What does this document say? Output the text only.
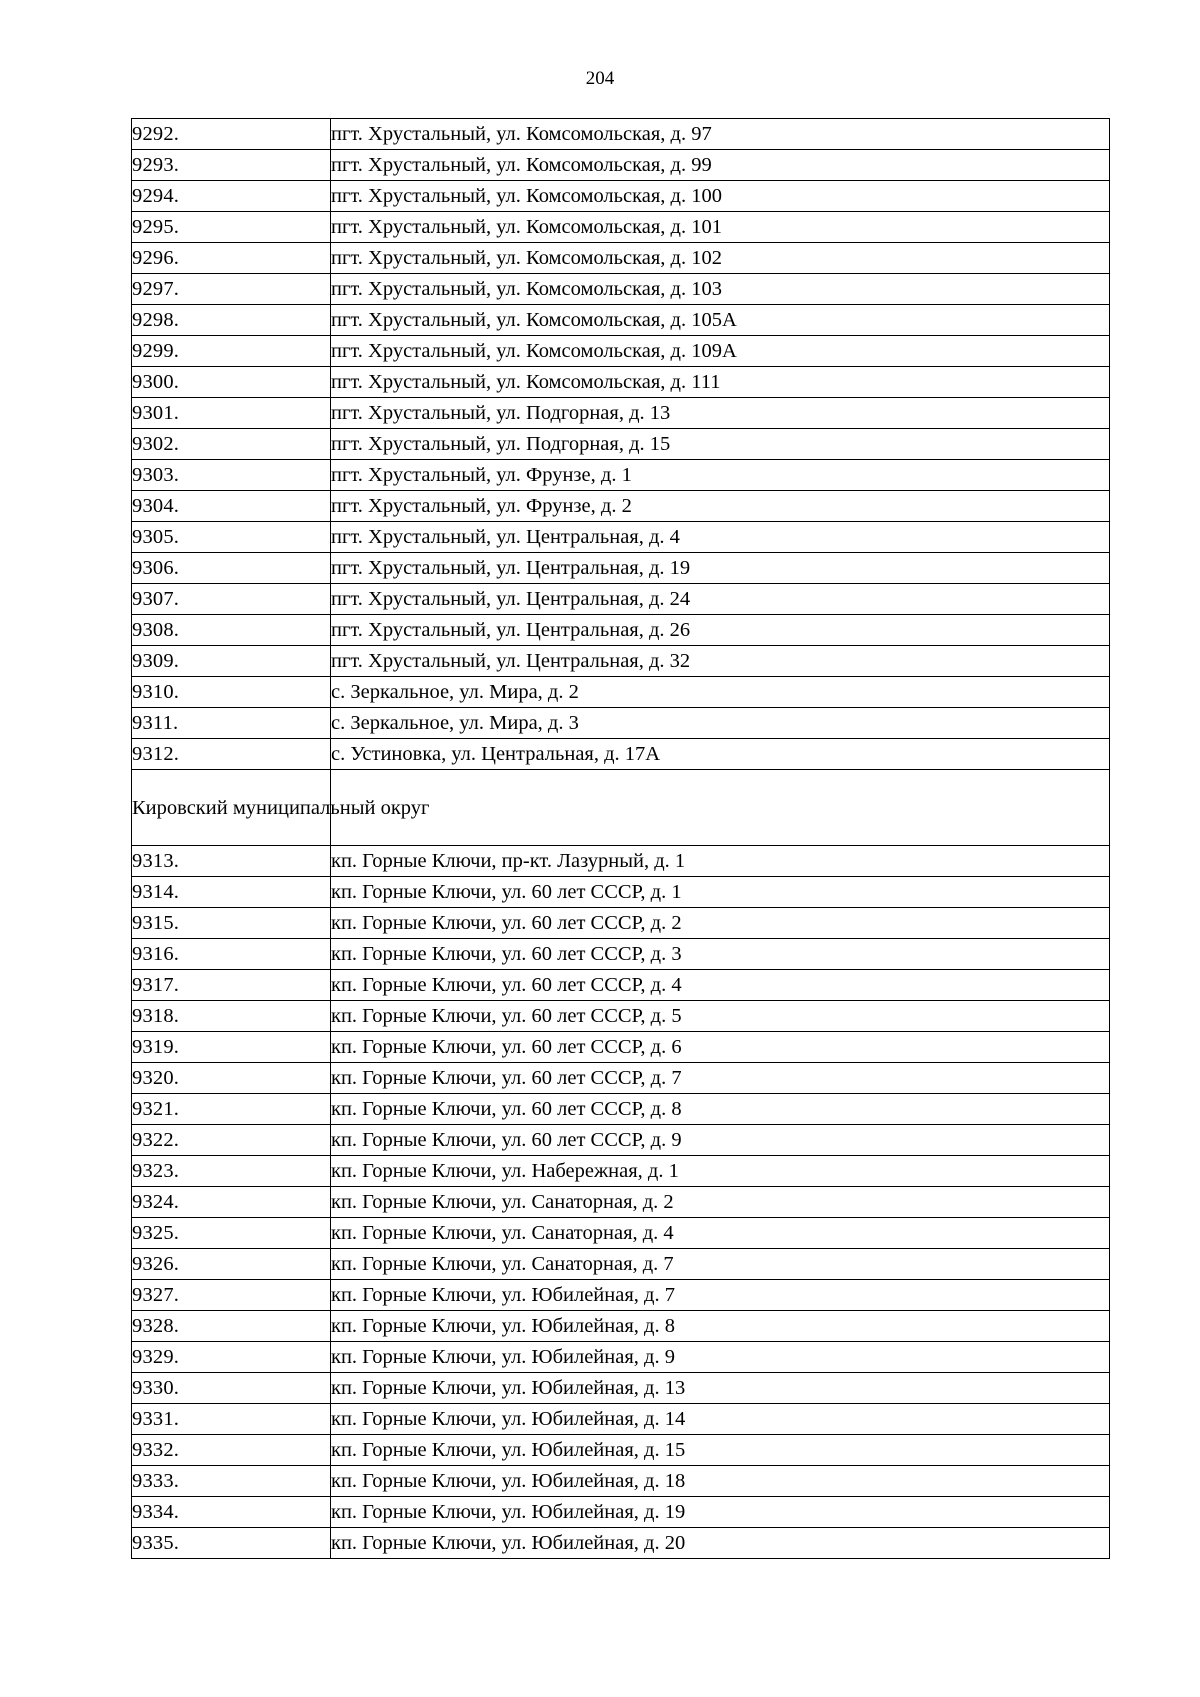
204
9292.	пгт. Хрустальный, ул. Комсомольская, д. 97
9293.	пгт. Хрустальный, ул. Комсомольская, д. 99
9294.	пгт. Хрустальный, ул. Комсомольская, д. 100
9295.	пгт. Хрустальный, ул. Комсомольская, д. 101
9296.	пгт. Хрустальный, ул. Комсомольская, д. 102
9297.	пгт. Хрустальный, ул. Комсомольская, д. 103
9298.	пгт. Хрустальный, ул. Комсомольская, д. 105А
9299.	пгт. Хрустальный, ул. Комсомольская, д. 109А
9300.	пгт. Хрустальный, ул. Комсомольская, д. 111
9301.	пгт. Хрустальный, ул. Подгорная, д. 13
9302.	пгт. Хрустальный, ул. Подгорная, д. 15
9303.	пгт. Хрустальный, ул. Фрунзе, д. 1
9304.	пгт. Хрустальный, ул. Фрунзе, д. 2
9305.	пгт. Хрустальный, ул. Центральная, д. 4
9306.	пгт. Хрустальный, ул. Центральная, д. 19
9307.	пгт. Хрустальный, ул. Центральная, д. 24
9308.	пгт. Хрустальный, ул. Центральная, д. 26
9309.	пгт. Хрустальный, ул. Центральная, д. 32
9310.	с. Зеркальное, ул. Мира, д. 2
9311.	с. Зеркальное, ул. Мира, д. 3
9312.	с. Устиновка, ул. Центральная, д. 17А
Кировский муниципальный округ	
9313.	кп. Горные Ключи, пр-кт. Лазурный, д. 1
9314.	кп. Горные Ключи, ул. 60 лет СССР, д. 1
9315.	кп. Горные Ключи, ул. 60 лет СССР, д. 2
9316.	кп. Горные Ключи, ул. 60 лет СССР, д. 3
9317.	кп. Горные Ключи, ул. 60 лет СССР, д. 4
9318.	кп. Горные Ключи, ул. 60 лет СССР, д. 5
9319.	кп. Горные Ключи, ул. 60 лет СССР, д. 6
9320.	кп. Горные Ключи, ул. 60 лет СССР, д. 7
9321.	кп. Горные Ключи, ул. 60 лет СССР, д. 8
9322.	кп. Горные Ключи, ул. 60 лет СССР, д. 9
9323.	кп. Горные Ключи, ул. Набережная, д. 1
9324.	кп. Горные Ключи, ул. Санаторная, д. 2
9325.	кп. Горные Ключи, ул. Санаторная, д. 4
9326.	кп. Горные Ключи, ул. Санаторная, д. 7
9327.	кп. Горные Ключи, ул. Юбилейная, д. 7
9328.	кп. Горные Ключи, ул. Юбилейная, д. 8
9329.	кп. Горные Ключи, ул. Юбилейная, д. 9
9330.	кп. Горные Ключи, ул. Юбилейная, д. 13
9331.	кп. Горные Ключи, ул. Юбилейная, д. 14
9332.	кп. Горные Ключи, ул. Юбилейная, д. 15
9333.	кп. Горные Ключи, ул. Юбилейная, д. 18
9334.	кп. Горные Ключи, ул. Юбилейная, д. 19
9335.	кп. Горные Ключи, ул. Юбилейная, д. 20
